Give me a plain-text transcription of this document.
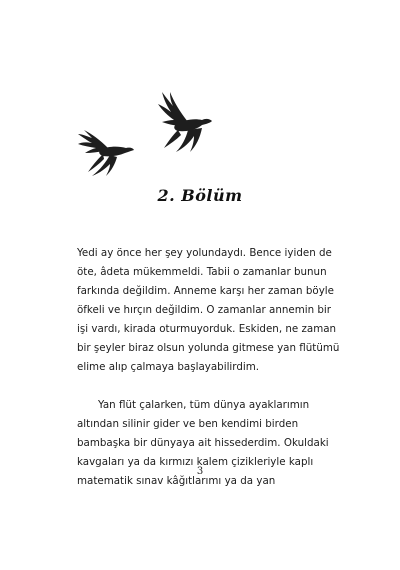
2. Bölüm
Yedi ay önce her şey yolundaydı. Bence iyiden de
öte, âdeta mükemmeldi. Tabii o zamanlar bunun
farkında değildim. Anneme karşı her zaman böyle
öfkeli ve hırçın değildim. O zamanlar annemin bir
işi vardı, kirada oturmuyorduk. Eskiden, ne zaman
bir şeyler biraz olsun yolunda gitmese yan flütümü
elime alıp çalmaya başlayabilirdim.
Yan flüt çalarken, tüm dünya ayaklarımın
altından silinir gider ve ben kendimi birden
bambaşka bir dünyaya ait hissederdim. Okuldaki
kavgaları ya da kırmızı kalem çizikleriyle kaplı
matematik sınav kâğıtlarımı ya da yan
3
